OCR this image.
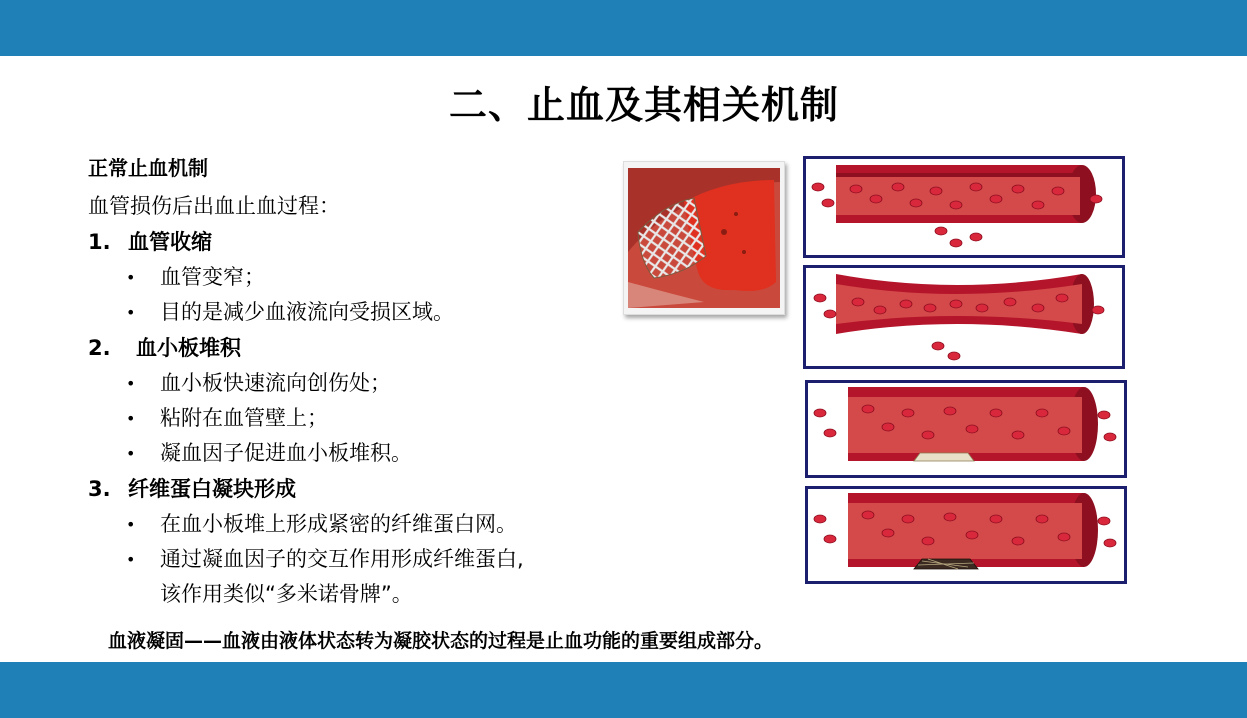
二、止血及其相关机制
正常止血机制
血管损伤后出血止血过程：
1. 血管收缩
• 血管变窄；
• 目的是减少血液流向受损区域。
2. 血小板堆积
• 血小板快速流向创伤处；
• 粘附在血管壁上；
• 凝血因子促进血小板堆积。
3. 纤维蛋白凝块形成
• 在血小板堆上形成紧密的纤维蛋白网。
• 通过凝血因子的交互作用形成纤维蛋白,
该作用类似“多米诺骨牌”。
血液凝固——血液由液体状态转为凝胶状态的过程是止血功能的重要组成部分。
